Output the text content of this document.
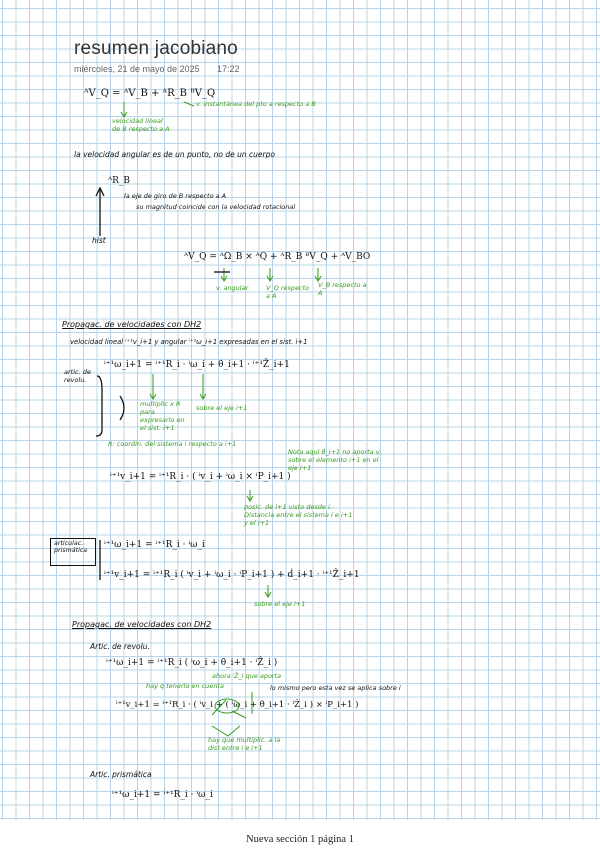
resumen jacobiano
miércoles, 21 de mayo de 2025 17:22
ᴬV_Q = ᴬV_B + ᴬR_B ᴮV_Q
v. instantánea del pto a respecto a B
velocidad lineal de B respecto a A
la velocidad angular es de un punto, no de un cuerpo
ᴬR_B
la eje de giro de B respecto a A
su magnitud coincide con la velocidad rotacional
hist
ᴬV_Q = ᴬΩ_B × ᴬQ + ᴬR_B ᴮV_Q + ᴬV_BO
v. angular	V_Q respecto a A
V_B respecto a A
Propagac. de velocidades con DH2
velocidad lineal ⁱ⁺¹v_i+1 y angular ⁱ⁺¹ω_i+1 expresadas en el sist. i+1
artic. de revolu.
ⁱ⁺¹ω_i+1 = ⁱ⁺¹R_i · ⁱω_i + θ̇_i+1 · ⁱ⁺¹Ẑ_i+1
multiplic x R para expresarlo en el sist. i+1
sobre el eje i+1
R: coordin. del sistema i respecto a i+1
Nota aquí θ̇_i+1 no aporta v. sobre el elemento i+1 en el eje i+1
ⁱ⁺¹v_i+1 = ⁱ⁺¹R_i · ( ⁱv_i + ⁱω_i × ⁱP_i+1 )
posic. de i+1 visto desde i. Distancia entre el sistema i e i+1 y el i+1
articulac. prismática
ⁱ⁺¹ω_i+1 = ⁱ⁺¹R_i · ⁱω_i
ⁱ⁺¹v_i+1 = ⁱ⁺¹R_i ( ⁱv_i + ⁱω_i · ⁱP_i+1 ) + ḋ_i+1 · ⁱ⁺¹Ẑ_i+1
sobre el eje i+1
Propagac. de velocidades con DH2
Artic. de revolu.
ⁱ⁺¹ω_i+1 = ⁱ⁺¹R_i ( ⁱω_i + θ̇_i+1 · ⁱẐ_i )
ahora ⁱẐ_i que aporta
hay q tenerlo en cuenta	lo mismo pero esta vez se aplica sobre i
ⁱ⁺¹v_i+1 = ⁱ⁺¹R_i · ( ⁱv_i + ( ⁱω_i + θ̇_i+1 · ⁱẐ_i ) × ⁱP_i+1 )
hay que multiplic. a la dist entre i e i+1
Artic. prismática
ⁱ⁺¹ω_i+1 = ⁱ⁺¹R_i · ⁱω_i
Nueva sección 1 página 1
